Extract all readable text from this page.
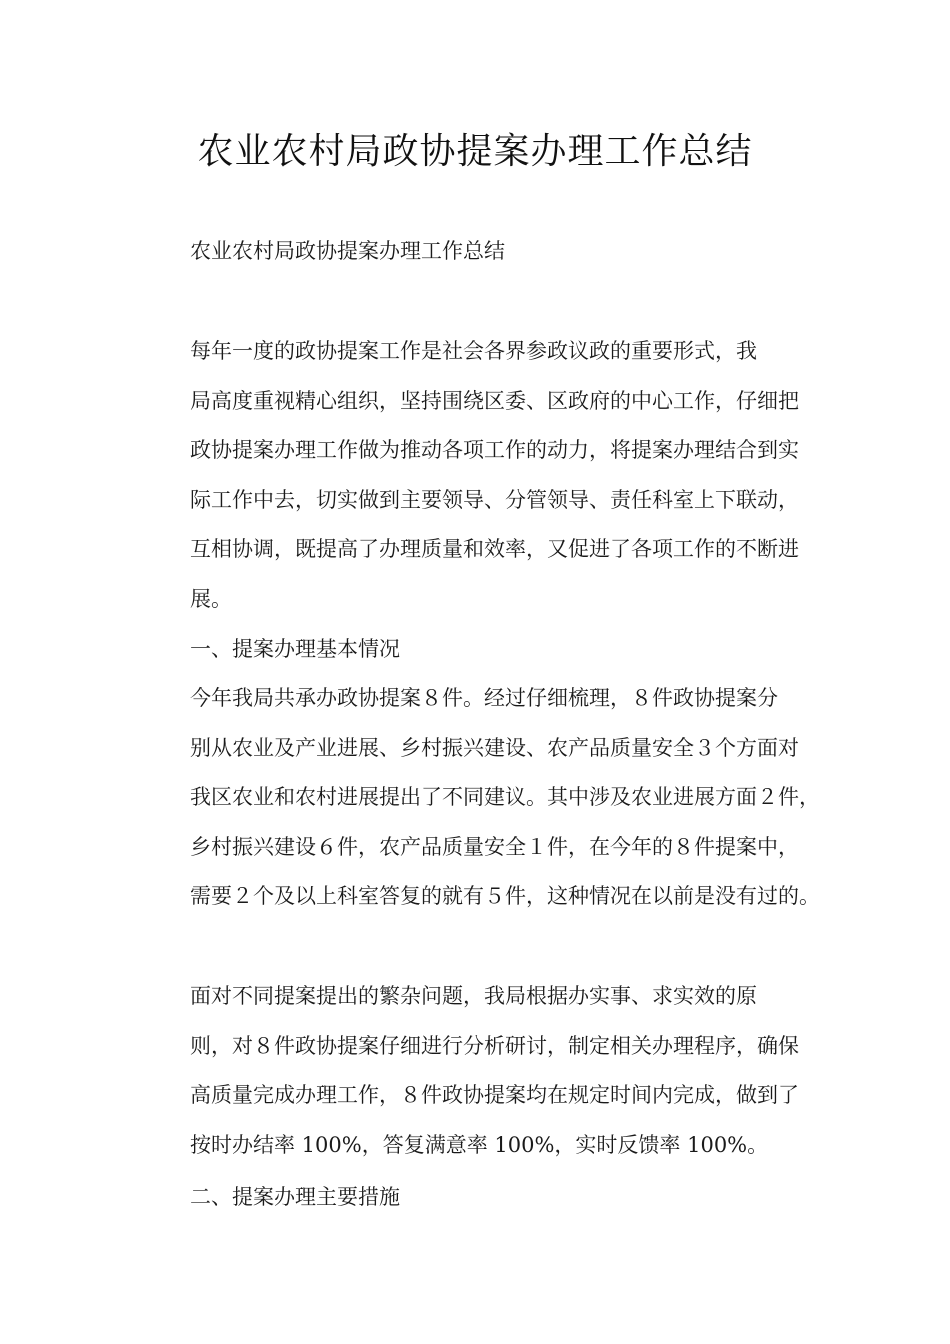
农业农村局政协提案办理工作总结

农业农村局政协提案办理工作总结

每年一度的政协提案工作是社会各界参政议政的重要形式，我
局高度重视精心组织，坚持围绕区委、区政府的中心工作，仔细把
政协提案办理工作做为推动各项工作的动力，将提案办理结合到实
际工作中去，切实做到主要领导、分管领导、责任科室上下联动，
互相协调，既提高了办理质量和效率，又促进了各项工作的不断进
展。

一、提案办理基本情况

今年我局共承办政协提案８件。经过仔细梳理，８件政协提案分
别从农业及产业进展、乡村振兴建设、农产品质量安全３个方面对
我区农业和农村进展提出了不同建议。其中涉及农业进展方面２件，
乡村振兴建设６件，农产品质量安全１件，在今年的８件提案中，
需要２个及以上科室答复的就有５件，这种情况在以前是没有过的。
面对不同提案提出的繁杂问题，我局根据办实事、求实效的原
则，对８件政协提案仔细进行分析研讨，制定相关办理程序，确保
高质量完成办理工作，８件政协提案均在规定时间内完成，做到了
按时办结率 100%，答复满意率 100%，实时反馈率 100%。

二、提案办理主要措施
